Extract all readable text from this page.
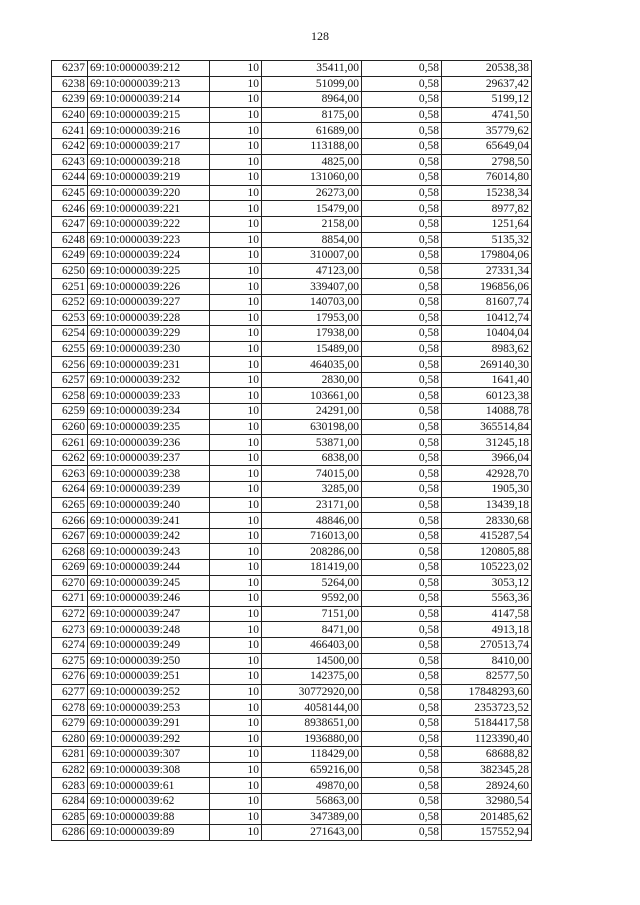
128
6237	69:10:0000039:212	10	35411,00	0,58	20538,38
6238	69:10:0000039:213	10	51099,00	0,58	29637,42
6239	69:10:0000039:214	10	8964,00	0,58	5199,12
6240	69:10:0000039:215	10	8175,00	0,58	4741,50
6241	69:10:0000039:216	10	61689,00	0,58	35779,62
6242	69:10:0000039:217	10	113188,00	0,58	65649,04
6243	69:10:0000039:218	10	4825,00	0,58	2798,50
6244	69:10:0000039:219	10	131060,00	0,58	76014,80
6245	69:10:0000039:220	10	26273,00	0,58	15238,34
6246	69:10:0000039:221	10	15479,00	0,58	8977,82
6247	69:10:0000039:222	10	2158,00	0,58	1251,64
6248	69:10:0000039:223	10	8854,00	0,58	5135,32
6249	69:10:0000039:224	10	310007,00	0,58	179804,06
6250	69:10:0000039:225	10	47123,00	0,58	27331,34
6251	69:10:0000039:226	10	339407,00	0,58	196856,06
6252	69:10:0000039:227	10	140703,00	0,58	81607,74
6253	69:10:0000039:228	10	17953,00	0,58	10412,74
6254	69:10:0000039:229	10	17938,00	0,58	10404,04
6255	69:10:0000039:230	10	15489,00	0,58	8983,62
6256	69:10:0000039:231	10	464035,00	0,58	269140,30
6257	69:10:0000039:232	10	2830,00	0,58	1641,40
6258	69:10:0000039:233	10	103661,00	0,58	60123,38
6259	69:10:0000039:234	10	24291,00	0,58	14088,78
6260	69:10:0000039:235	10	630198,00	0,58	365514,84
6261	69:10:0000039:236	10	53871,00	0,58	31245,18
6262	69:10:0000039:237	10	6838,00	0,58	3966,04
6263	69:10:0000039:238	10	74015,00	0,58	42928,70
6264	69:10:0000039:239	10	3285,00	0,58	1905,30
6265	69:10:0000039:240	10	23171,00	0,58	13439,18
6266	69:10:0000039:241	10	48846,00	0,58	28330,68
6267	69:10:0000039:242	10	716013,00	0,58	415287,54
6268	69:10:0000039:243	10	208286,00	0,58	120805,88
6269	69:10:0000039:244	10	181419,00	0,58	105223,02
6270	69:10:0000039:245	10	5264,00	0,58	3053,12
6271	69:10:0000039:246	10	9592,00	0,58	5563,36
6272	69:10:0000039:247	10	7151,00	0,58	4147,58
6273	69:10:0000039:248	10	8471,00	0,58	4913,18
6274	69:10:0000039:249	10	466403,00	0,58	270513,74
6275	69:10:0000039:250	10	14500,00	0,58	8410,00
6276	69:10:0000039:251	10	142375,00	0,58	82577,50
6277	69:10:0000039:252	10	30772920,00	0,58	17848293,60
6278	69:10:0000039:253	10	4058144,00	0,58	2353723,52
6279	69:10:0000039:291	10	8938651,00	0,58	5184417,58
6280	69:10:0000039:292	10	1936880,00	0,58	1123390,40
6281	69:10:0000039:307	10	118429,00	0,58	68688,82
6282	69:10:0000039:308	10	659216,00	0,58	382345,28
6283	69:10:0000039:61	10	49870,00	0,58	28924,60
6284	69:10:0000039:62	10	56863,00	0,58	32980,54
6285	69:10:0000039:88	10	347389,00	0,58	201485,62
6286	69:10:0000039:89	10	271643,00	0,58	157552,94
